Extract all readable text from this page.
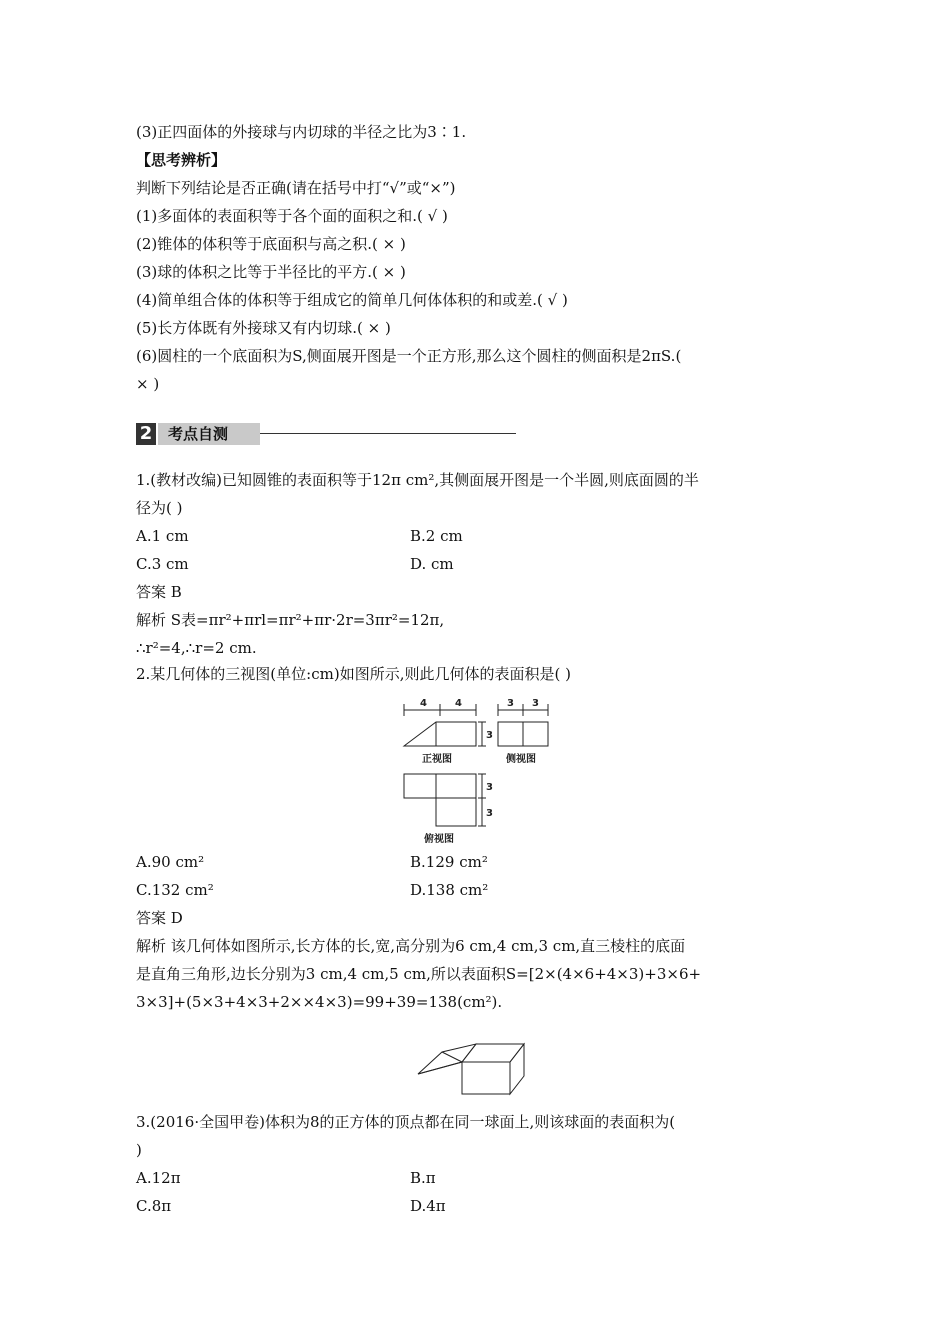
(3)正四面体的外接球与内切球的半径之比为3∶1.
【思考辨析】
判断下列结论是否正确(请在括号中打“√”或“×”)
(1)多面体的表面积等于各个面的面积之和.( √ )
(2)锥体的体积等于底面积与高之积.( × )
(3)球的体积之比等于半径比的平方.( × )
(4)简单组合体的体积等于组成它的简单几何体体积的和或差.( √ )
(5)长方体既有外接球又有内切球.( × )
(6)圆柱的一个底面积为S,侧面展开图是一个正方形,那么这个圆柱的侧面积是2πS.(
× )
2	考点自测
1.(教材改编)已知圆锥的表面积等于12π cm²,其侧面展开图是一个半圆,则底面圆的半
径为( )
A.1 cm	B.2 cm
C.3 cm	D. cm
答案 B
解析 S表=πr²+πrl=πr²+πr·2r=3πr²=12π,
∴r²=4,∴r=2 cm.
2.某几何体的三视图(单位:cm)如图所示,则此几何体的表面积是( )
4	4
3
3 3
3
3
正视图	侧视图
俯视图
A.90 cm²	B.129 cm²
C.132 cm²	D.138 cm²
答案 D
解析 该几何体如图所示,长方体的长,宽,高分别为6 cm,4 cm,3 cm,直三棱柱的底面
是直角三角形,边长分别为3 cm,4 cm,5 cm,所以表面积S=[2×(4×6+4×3)+3×6+
3×3]+(5×3+4×3+2××4×3)=99+39=138(cm²).
3.(2016·全国甲卷)体积为8的正方体的顶点都在同一球面上,则该球面的表面积为(
)
A.12π	B.π
C.8π	D.4π
